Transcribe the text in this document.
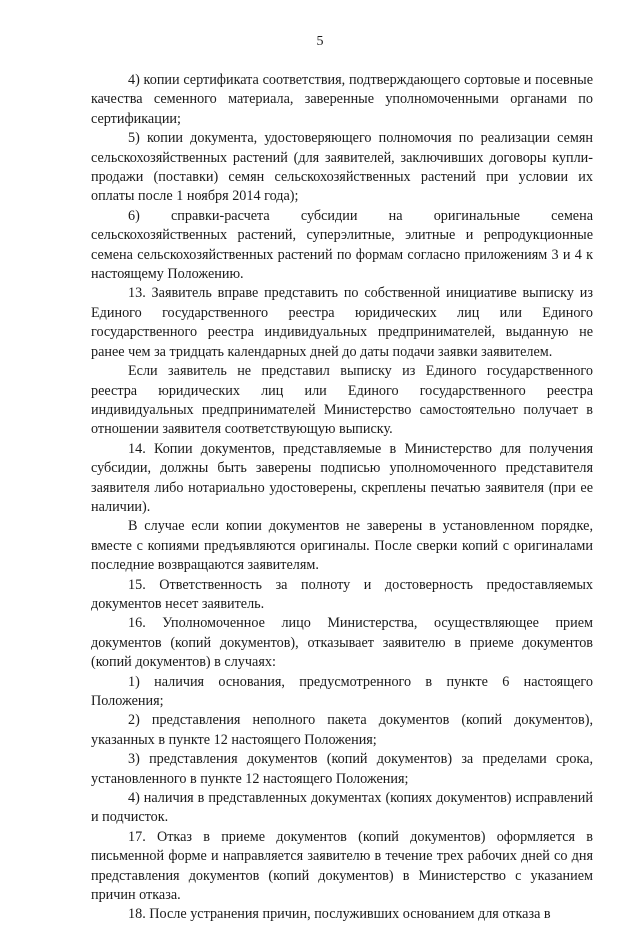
5

4) копии сертификата соответствия, подтверждающего сортовые и посевные качества семенного материала, заверенные уполномоченными органами по сертификации;

5) копии документа, удостоверяющего полномочия по реализации семян сельскохозяйственных растений (для заявителей, заключивших договоры купли-продажи (поставки) семян сельскохозяйственных растений при условии их оплаты после 1 ноября 2014 года);

6) справки-расчета субсидии на оригинальные семена сельскохозяйственных растений, суперэлитные, элитные и репродукционные семена сельскохозяйственных растений по формам согласно приложениям 3 и 4 к настоящему Положению.

13. Заявитель вправе представить по собственной инициативе выписку из Единого государственного реестра юридических лиц или Единого государственного реестра индивидуальных предпринимателей, выданную не ранее чем за тридцать календарных дней до даты подачи заявки заявителем.

Если заявитель не представил выписку из Единого государственного реестра юридических лиц или Единого государственного реестра индивидуальных предпринимателей Министерство самостоятельно получает в отношении заявителя соответствующую выписку.

14. Копии документов, представляемые в Министерство для получения субсидии, должны быть заверены подписью уполномоченного представителя заявителя либо нотариально удостоверены, скреплены печатью заявителя (при ее наличии).

В случае если копии документов не заверены в установленном порядке, вместе с копиями предъявляются оригиналы. После сверки копий с оригиналами последние возвращаются заявителям.

15. Ответственность за полноту и достоверность предоставляемых документов несет заявитель.

16. Уполномоченное лицо Министерства, осуществляющее прием документов (копий документов), отказывает заявителю в приеме документов (копий документов) в случаях:

1) наличия основания, предусмотренного в пункте 6 настоящего Положения;

2) представления неполного пакета документов (копий документов), указанных в пункте 12 настоящего Положения;

3) представления документов (копий документов) за пределами срока, установленного в пункте 12 настоящего Положения;

4) наличия в представленных документах (копиях документов) исправлений и подчисток.

17. Отказ в приеме документов (копий документов) оформляется в письменной форме и направляется заявителю в течение трех рабочих дней со дня представления документов (копий документов) в Министерство с указанием причин отказа.

18. После устранения причин, послуживших основанием для отказа в
